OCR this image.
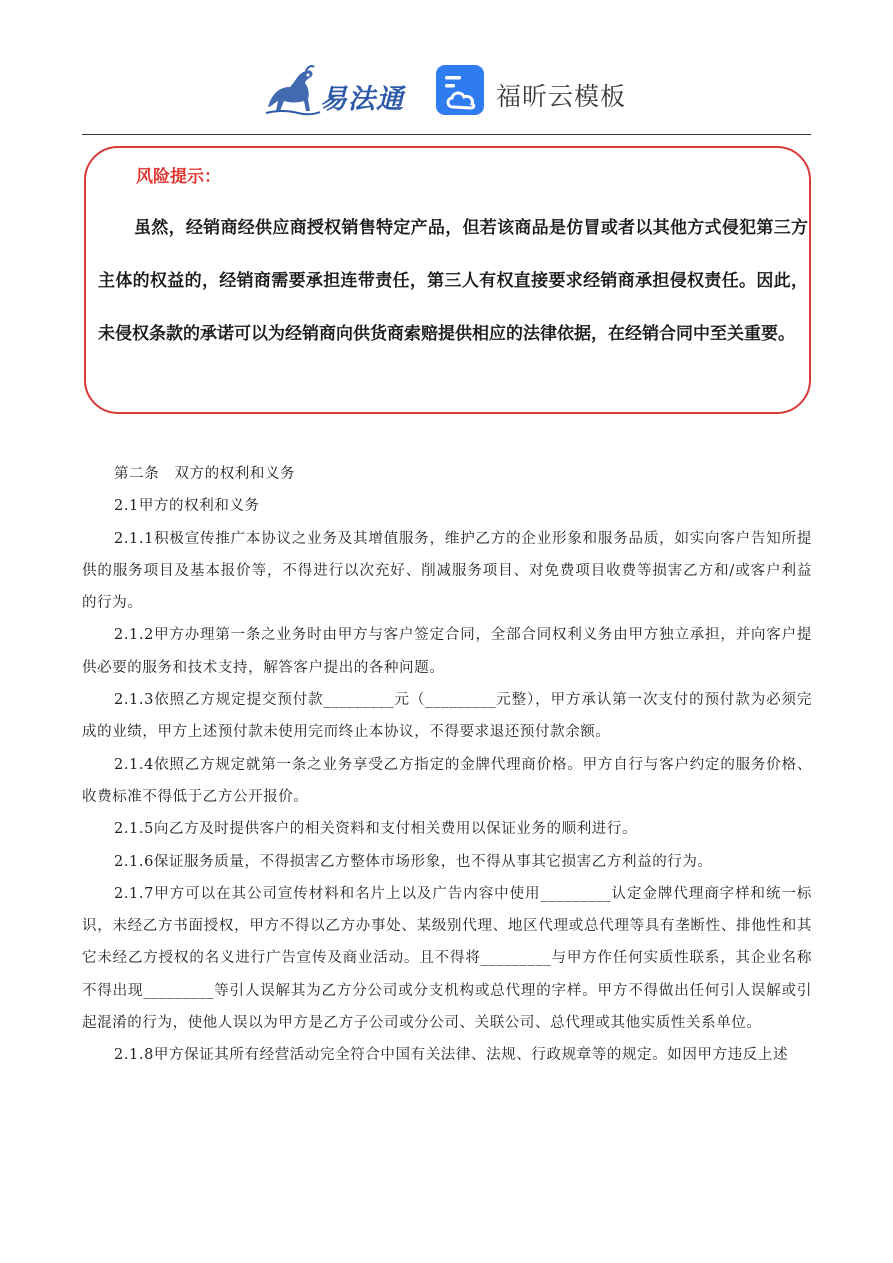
易法通	福昕云模板
风险提示：
虽然，经销商经供应商授权销售特定产品，但若该商品是仿冒或者以其他方式侵犯第三方主体的权益的，经销商需要承担连带责任，第三人有权直接要求经销商承担侵权责任。因此，未侵权条款的承诺可以为经销商向供货商索赔提供相应的法律依据，在经销合同中至关重要。

第二条　双方的权利和义务

2.1甲方的权利和义务

2.1.1积极宣传推广本协议之业务及其增值服务，维护乙方的企业形象和服务品质，如实向客户告知所提供的服务项目及基本报价等，不得进行以次充好、削减服务项目、对免费项目收费等损害乙方和/或客户利益的行为。

2.1.2甲方办理第一条之业务时由甲方与客户签定合同，全部合同权利义务由甲方独立承担，并向客户提供必要的服务和技术支持，解答客户提出的各种问题。

2.1.3依照乙方规定提交预付款_________元（_________元整），甲方承认第一次支付的预付款为必须完成的业绩，甲方上述预付款未使用完而终止本协议，不得要求退还预付款余额。

2.1.4依照乙方规定就第一条之业务享受乙方指定的金牌代理商价格。甲方自行与客户约定的服务价格、收费标准不得低于乙方公开报价。

2.1.5向乙方及时提供客户的相关资料和支付相关费用以保证业务的顺利进行。

2.1.6保证服务质量，不得损害乙方整体市场形象，也不得从事其它损害乙方利益的行为。

2.1.7甲方可以在其公司宣传材料和名片上以及广告内容中使用_________认定金牌代理商字样和统一标识，未经乙方书面授权，甲方不得以乙方办事处、某级别代理、地区代理或总代理等具有垄断性、排他性和其它未经乙方授权的名义进行广告宣传及商业活动。且不得将_________与甲方作任何实质性联系，其企业名称不得出现_________等引人误解其为乙方分公司或分支机构或总代理的字样。甲方不得做出任何引人误解或引起混淆的行为，使他人误以为甲方是乙方子公司或分公司、关联公司、总代理或其他实质性关系单位。

2.1.8甲方保证其所有经营活动完全符合中国有关法律、法规、行政规章等的规定。如因甲方违反上述
